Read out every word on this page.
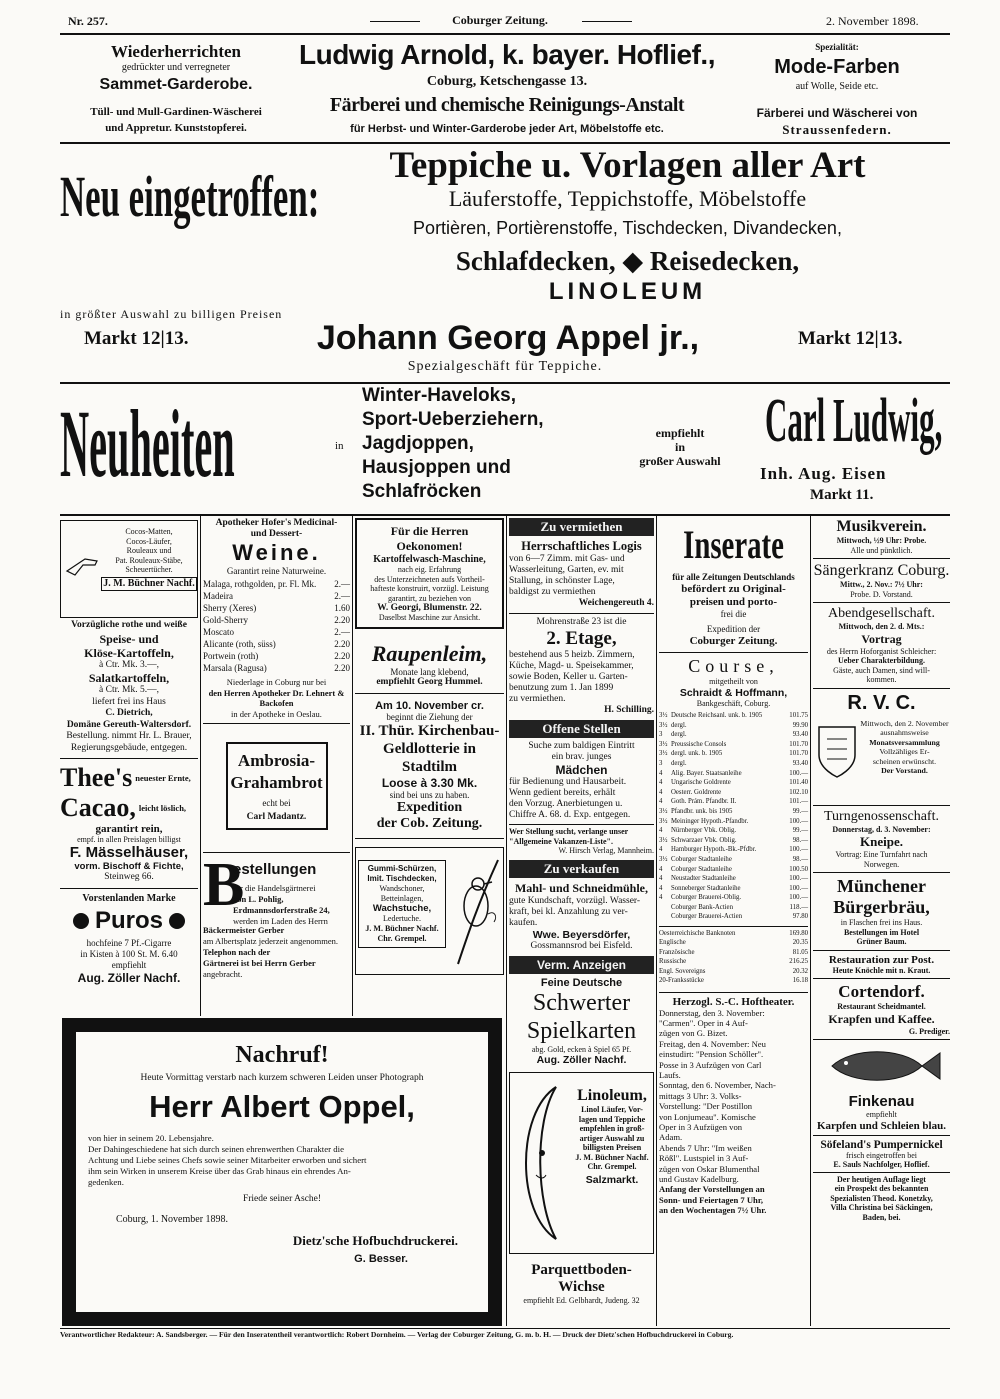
Nr. 257.	Coburger Zeitung.	2. November 1898.
Wiederherrichten
gedrückter und verregneter
Sammet-Garderobe.
Tüll- und Mull-Gardinen-Wäscherei
und Appretur. Kunststopferei.
Ludwig Arnold, k. bayer. Hoflief.,
Coburg, Ketschengasse 13.
Färberei und chemische Reinigungs-Anstalt
für Herbst- und Winter-Garderobe jeder Art, Möbelstoffe etc.
Spezialität:
Mode-Farben
auf Wolle, Seide etc.
Färberei und Wäscherei von
Straussenfedern.
Neu eingetroffen:	Teppiche u. Vorlagen aller Art
Läuferstoffe, Teppichstoffe, Möbelstoffe
Portièren, Portièrenstoffe, Tischdecken, Divandecken,
Schlafdecken, ◆ Reisedecken,
LINOLEUM
in größter Auswahl zu billigen Preisen
Markt 12|13.	Johann Georg Appel jr.,	Markt 12|13.
Spezialgeschäft für Teppiche.
Neuheiten	in
Winter-Haveloks,
Sport-Ueberziehern,
Jagdjoppen,
Hausjoppen und
Schlafröcken
empfiehlt
in
großer Auswahl
Carl Ludwig,
Inh. Aug. Eisen
Markt 11.
Cocos-Matten,
Cocos-Läufer,
Rouleaux und
Pat. Rouleaux-Stäbe,
Scheuertücher.
J. M. Büchner Nachf.
Vorzügliche rothe und weiße
Speise- und
Klöse-Kartoffeln,
à Ctr. Mk. 3.—,
Salatkartoffeln,
à Ctr. Mk. 5.—,
liefert frei ins Haus
C. Dietrich,
Domäne Gereuth-Waltersdorf.
Bestellung. nimmt Hr. L. Brauer,
Regierungsgebäude, entgegen.
Thee's neuester Ernte,
Cacao, leicht löslich,
garantirt rein,
empf. in allen Preislagen billigst
F. Mässelhäuser,
vorm. Bischoff & Fichte,
Steinweg 66.
Vorstenlanden Marke
Puros
hochfeine 7 Pf.-Cigarre
in Kisten à 100 St. M. 6.40
empfiehlt
Aug. Zöller Nachf.
Apotheker Hofer's Medicinal-
und Dessert-
Weine.
Garantirt reine Naturweine.
Malaga, rothgolden, pr. Fl. Mk. 2.—
Madeira	2.—
Sherry (Xeres)	1.60
Gold-Sherry	2.20
Moscato	2.—
Alicante (roth, süss)	2.20
Portwein (roth)	2.20
Marsala (Ragusa)	2.20
Niederlage in Coburg nur bei
den Herren Apotheker Dr. Lehnert & Backofen
in der Apotheke in Oeslau.
Ambrosia-
Grahambrot
echt bei
Carl Madantz.
B
estellungen
für die Handelsgärtnerei
von L. Pohlig, Erdmannsdorferstraße 24,
werden im Laden des Herrn
Bäckermeister Gerber
am Albertsplatz jederzeit angenommen.
Telephon nach der
Gärtnerei ist bei Herrn Gerber
angebracht.
Für die Herren Oekonomen!
Kartoffelwasch-Maschine,
nach eig. Erfahrung
des Unterzeichneten aufs Vortheil-
hafteste konstruirt, vorzügl. Leistung
garantirt, zu beziehen von
W. Georgi, Blumenstr. 22.
Daselbst Maschine zur Ansicht.
Raupenleim,
Monate lang klebend,
empfiehlt Georg Hummel.
Am 10. November cr.
beginnt die Ziehung der
II. Thür. Kirchenbau-
Geldlotterie in Stadtilm
Loose à 3.30 Mk.
sind bei uns zu haben.
Expedition
der Cob. Zeitung.
Gummi-Schürzen,
Imit. Tischdecken,
Wandschoner,
Betteinlagen,
Wachstuche,
Ledertuche.
J. M. Büchner Nachf.
Chr. Grempel.
Zu vermiethen
Herrschaftliches Logis
von 6—7 Zimm. mit Gas- und
Wasserleitung, Garten, ev. mit
Stallung, in schönster Lage,
baldigst zu vermiethen
Weichengereuth 4.
Mohrenstraße 23 ist die
2. Etage,
bestehend aus 5 heizb. Zimmern,
Küche, Magd- u. Speisekammer,
sowie Boden, Keller u. Garten-
benutzung zum 1. Jan 1899
zu vermiethen.
H. Schilling.
Offene Stellen
Suche zum baldigen Eintritt
ein brav. junges
Mädchen
für Bedienung und Hausarbeit.
Wenn gedient bereits, erhält
den Vorzug. Anerbietungen u.
Chiffre A. 68. d. Exp. entgegen.
Wer Stellung sucht, verlange unser
"Allgemeine Vakanzen-Liste".
W. Hirsch Verlag, Mannheim.
Zu verkaufen
Mahl- und Schneidmühle,
gute Kundschaft, vorzügl. Wasser-
kraft, bei kl. Anzahlung zu ver-
kaufen.
Wwe. Beyersdörfer,
Gossmannsrod bei Eisfeld.
Verm. Anzeigen
Feine Deutsche
Schwerter
Spielkarten
abg. Gold, ecken à Spiel 65 Pf.
Aug. Zöller Nachf.
Linoleum,
Linol Läufer, Vor-
lagen und Teppiche
empfehlen in groß-
artiger Auswahl zu
billigsten Preisen
J. M. Büchner Nachf.
Chr. Grempel.
Salzmarkt.
Parquettboden-Wichse
empfiehlt Ed. Gelbhardt, Judeng. 32
Inserate
für alle Zeitungen Deutschlands
befördert zu Original-
preisen und porto-
frei die
Expedition der
Coburger Zeitung.
Course,
mitgetheilt von
Schraidt & Hoffmann,
Bankgeschäft, Coburg.
3½ Deutsche Reichsanl. unk. b. 1905	101.75
3½ dergl.	99.90
3	dergl.	93.40
3½ Preussische Consols	101.70
3½ dergl. unk. b. 1905	101.70
3	dergl.	93.40
4	Alig. Bayer. Staatsanleihe	100.—
4	Ungarische Goldrente	101.40
4	Oesterr. Goldrente	102.10
4	Goth. Prám. Pfandbr. II.	101.—
3½ Pfandbr. unk. bis 1905	99.—
3½ Meininger Hypoth.-Pfandbr.	100.—
4	Nürnberger Vbk. Oblig.	99.—
3½ Schwarzaer Vbk. Oblig.	98.—
4	Hamburger Hypoth.-Bk.-Pfdbr.	100.—
3½ Coburger Stadtanleihe	98.—
4	Coburger Stadtanleihe	100.50
4	Neustadter Stadtanleihe	100.—
4	Sonneberger Stadtanleihe	100.—
4	Coburger Brauerei-Oblig.	100.—
Coburger Bank-Actien	118.—
Coburger Brauerei-Actien	97.80
Oesterreichische Banknoten	169.80
Englische	20.35
Französische	81.05
Russische	216.25
Engl. Sovereigns	20.32
20-Franksstücke	16.18
Herzogl. S.-C. Hoftheater.
Donnerstag, den 3. November:
"Carmen". Oper in 4 Auf-
zügen von G. Bizet.
Freitag, den 4. November: Neu
einstudirt: "Pension Schöller".
Posse in 3 Aufzügen von Carl
Laufs.
Sonntag, den 6. November, Nach-
mittags 3 Uhr: 3. Volks-
Vorstellung: "Der Postillon
von Lonjumeau". Komische
Oper in 3 Aufzügen von
Adam.
Abends 7 Uhr: "Im weißen
Rößl". Lustspiel in 3 Auf-
zügen von Oskar Blumenthal
und Gustav Kadelburg.
Anfang der Vorstellungen an
Sonn- und Feiertagen 7 Uhr,
an den Wochentagen 7½ Uhr.
Musikverein.
Mittwoch, ½9 Uhr: Probe.
Alle und pünktlich.
Sängerkranz Coburg.
Mittw., 2. Nov.: 7½ Uhr:
Probe. D. Vorstand.
Abendgesellschaft.
Mittwoch, den 2. d. Mts.:
Vortrag
des Herrn Hoforganist Schleicher:
Ueber Charakterbildung.
Gäste, auch Damen, sind will-
kommen.
R. V. C.
Mittwoch, den 2. November
ausnahmsweise
Monatsversammlung
Vollzähliges Er-
scheinen erwünscht.
Der Vorstand.
Turngenossenschaft.
Donnerstag, d. 3. November:
Kneipe.
Vortrag: Eine Turnfahrt nach
Norwegen.
Münchener
Bürgerbräu,
in Flaschen frei ins Haus.
Bestellungen im Hotel
Grüner Baum.
Restauration zur Post.
Heute Knöchle mit n. Kraut.
Cortendorf.
Restaurant Scheidmantel.
Krapfen und Kaffee.
G. Prediger.
Finkenau
empfiehlt
Karpfen und Schleien blau.
Söfeland's Pumpernickel
frisch eingetroffen bei
E. Sauls Nachfolger, Hoflief.
Der heutigen Auflage liegt
ein Prospekt des bekannten
Spezialisten Theod. Konetzky,
Villa Christina bei Säckingen,
Baden, bei.
Nachruf!
Heute Vormittag verstarb nach kurzem schweren Leiden unser Photograph
Herr Albert Oppel,
von hier in seinem 20. Lebensjahre.
Der Dahingeschiedene hat sich durch seinen ehrenwerthen Charakter die
Achtung und Liebe seines Chefs sowie seiner Mitarbeiter erworben und sichert
ihm sein Wirken in unserem Kreise über das Grab hinaus ein ehrendes An-
gedenken.
Friede seiner Asche!
Coburg, 1. November 1898.
Dietz'sche Hofbuchdruckerei.
G. Besser.
Verantwortlicher Redakteur: A. Sandsberger. — Für den Inseratentheil verantwortlich: Robert Dornheim. — Verlag der Coburger Zeitung, G. m. b. H. — Druck der Dietz'schen Hofbuchdruckerei in Coburg.
